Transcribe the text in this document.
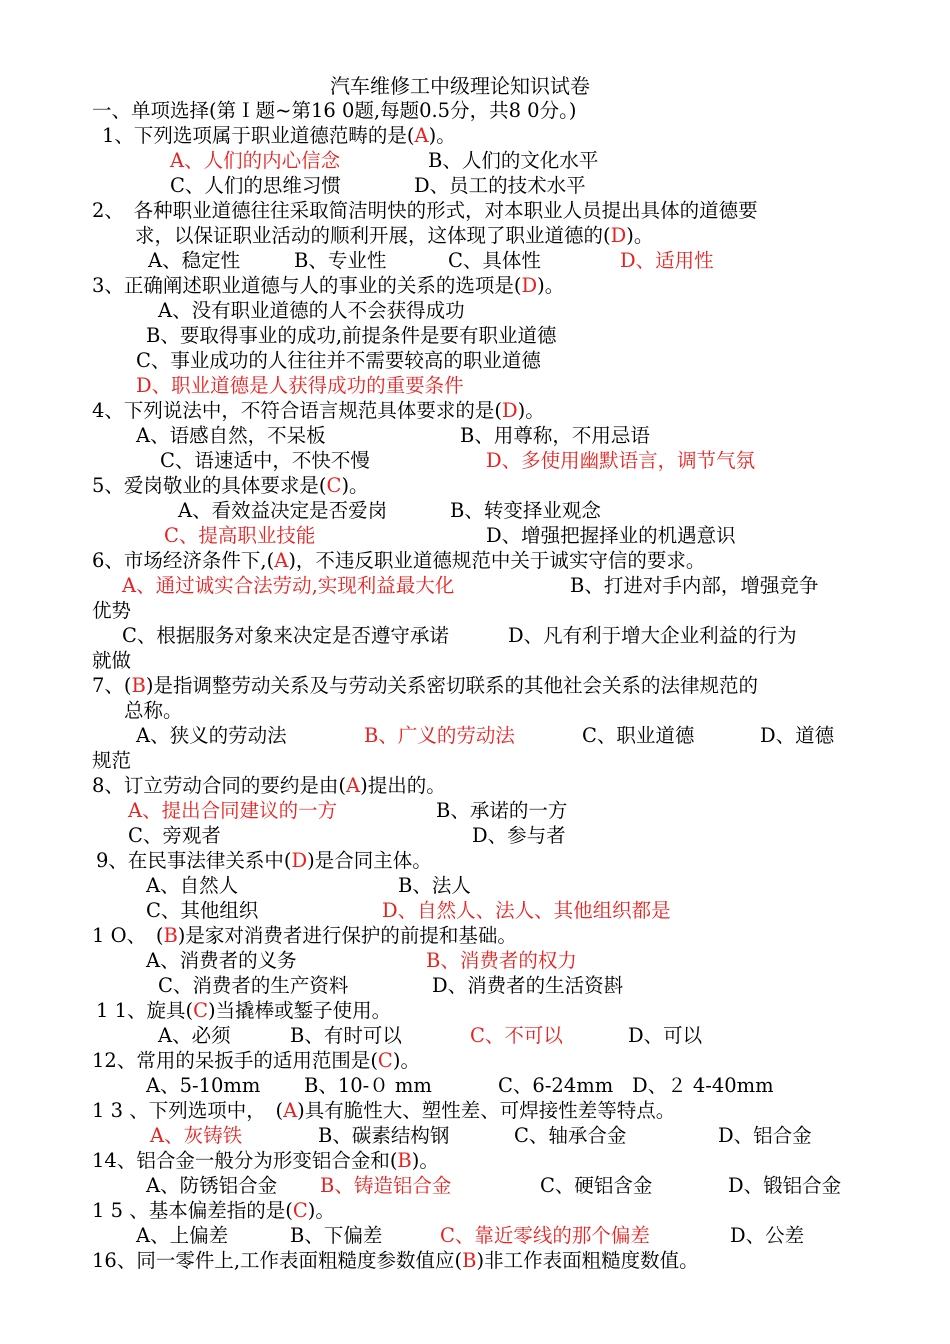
汽车维修工中级理论知识试卷
一、单项选择(第Ｉ题~第16 0题,每题0.5分，共8 0分。)
1、下列选项属于职业道德范畴的是(A)。
A、人们的内心信念	B、人们的文化水平
C、人们的思维习惯	D、员工的技术水平
2、　各种职业道德往往采取简洁明快的形式，对本职业人员提出具体的道德要
求，以保证职业活动的顺利开展，这体现了职业道德的(D)。
A、稳定性	B、专业性	C、具体性	D、适用性
3、正确阐述职业道德与人的事业的关系的选项是(D)。
A、没有职业道德的人不会获得成功
B、要取得事业的成功,前提条件是要有职业道德
C、事业成功的人往往并不需要较高的职业道德
D、职业道德是人获得成功的重要条件
4、下列说法中，不符合语言规范具体要求的是(D)。
A、语感自然，不呆板	B、用尊称，不用忌语
C、语速适中，不快不慢	D、多使用幽默语言，调节气氛
5、爱岗敬业的具体要求是(C)。
A、看效益决定是否爱岗	B、转变择业观念
C、提高职业技能	D、增强把握择业的机遇意识
6、市场经济条件下,(A)，不违反职业道德规范中关于诚实守信的要求。
A、通过诚实合法劳动,实现利益最大化	B、打进对手内部，增强竞争
优势
C、根据服务对象来决定是否遵守承诺	D、凡有利于增大企业利益的行为
就做
7、(B)是指调整劳动关系及与劳动关系密切联系的其他社会关系的法律规范的
总称。
A、狭义的劳动法	B、广义的劳动法	C、职业道德	D、道德
规范
8、订立劳动合同的要约是由(A)提出的。
A、提出合同建议的一方	B、承诺的一方
C、旁观者	D、参与者
9、在民事法律关系中(D)是合同主体。
A、自然人	B、法人
C、其他组织	D、自然人、法人、其他组织都是
1 O、　(B)是家对消费者进行保护的前提和基础。
A、消费者的义务	B、消费者的权力
C、消费者的生产资料	D、消费者的生活资斟
1 1、旋具(C)当撬棒或錾子使用。
A、必须	B、有时可以	C、不可以	D、可以
12、常用的呆扳手的适用范围是(C)。
A、5-10mm B、10-０ mm	C、6-24mm D、２ 4-40mm
1 3 、下列选项中，　(A)具有脆性大、塑性差、可焊接性差等特点。
A、灰铸铁	B、碳素结构钢	C、轴承合金	D、铝合金
14、铝合金一般分为形变铝合金和(B)。
A、防锈铝合金 B、铸造铝合金	C、硬铝含金	D、锻铝合金
1 5 、基本偏差指的是(C)。
A、上偏差	B、下偏差	C、靠近零线的那个偏差	D、公差
16、同一零件上,工作表面粗糙度参数值应(B)非工作表面粗糙度数值。
